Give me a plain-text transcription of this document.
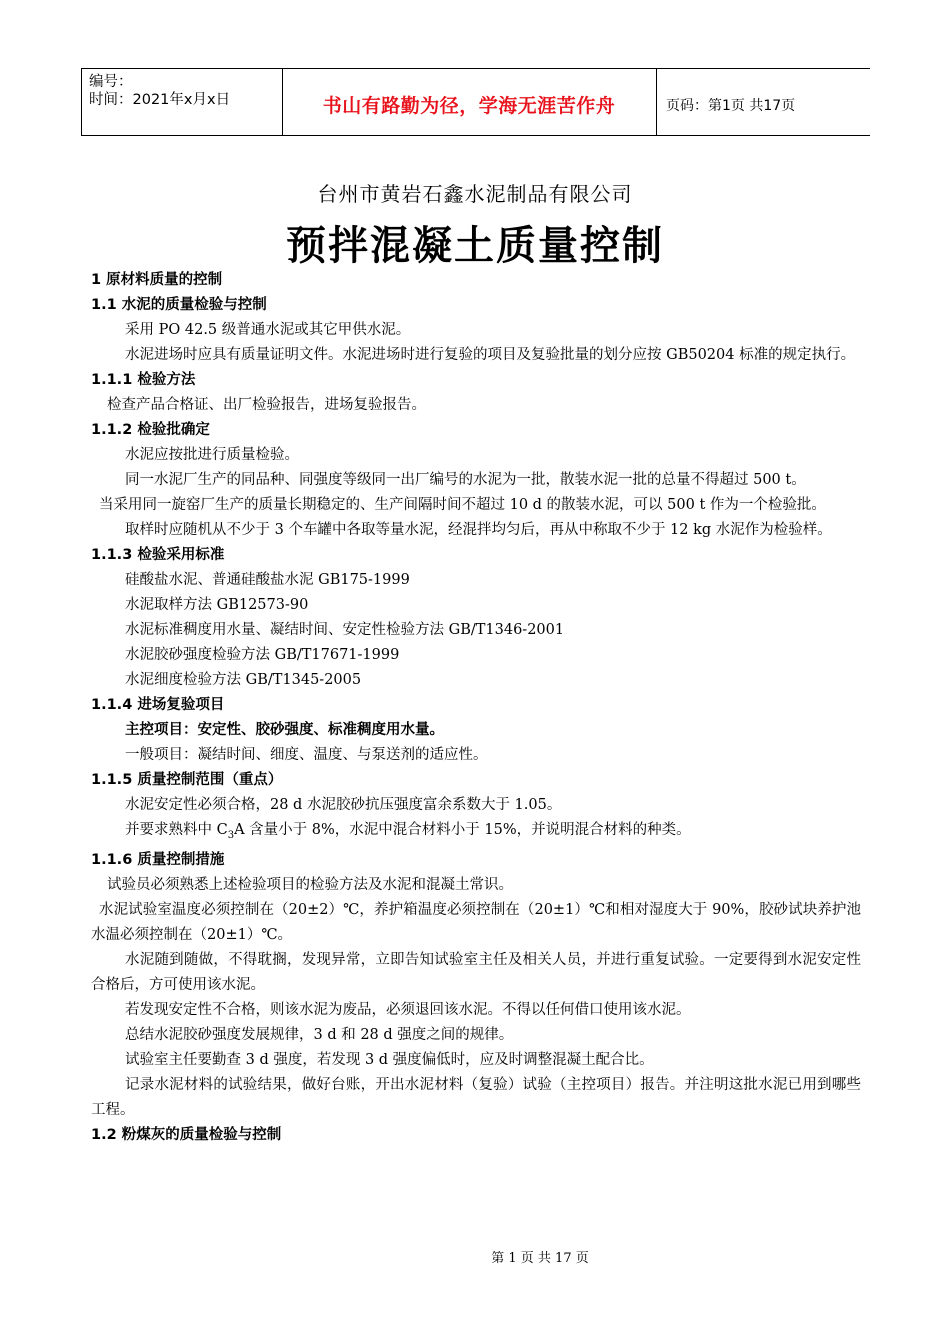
编号：
时间：2021年x月x日	书山有路勤为径，学海无涯苦作舟	页码：第1页 共17页
台州市黄岩石鑫水泥制品有限公司
预拌混凝土质量控制

1 原材料质量的控制

1.1 水泥的质量检验与控制

采用 PO 42.5 级普通水泥或其它甲供水泥。

水泥进场时应具有质量证明文件。水泥进场时进行复验的项目及复验批量的划分应按 GB50204 标准的规定执行。

1.1.1 检验方法

检查产品合格证、出厂检验报告，进场复验报告。

1.1.2 检验批确定

水泥应按批进行质量检验。

同一水泥厂生产的同品种、同强度等级同一出厂编号的水泥为一批，散装水泥一批的总量不得超过 500 t。

当采用同一旋窑厂生产的质量长期稳定的、生产间隔时间不超过 10 d 的散装水泥，可以 500 t 作为一个检验批。

取样时应随机从不少于 3 个车罐中各取等量水泥，经混拌均匀后，再从中称取不少于 12 kg 水泥作为检验样。

1.1.3 检验采用标准

硅酸盐水泥、普通硅酸盐水泥 GB175-1999

水泥取样方法 GB12573-90

水泥标准稠度用水量、凝结时间、安定性检验方法 GB/T1346-2001

水泥胶砂强度检验方法 GB/T17671-1999

水泥细度检验方法 GB/T1345-2005

1.1.4 进场复验项目

主控项目：安定性、胶砂强度、标准稠度用水量。

一般项目：凝结时间、细度、温度、与泵送剂的适应性。

1.1.5 质量控制范围（重点）

水泥安定性必须合格，28 d 水泥胶砂抗压强度富余系数大于 1.05。

并要求熟料中 $C_3A$ 含量小于 8%，水泥中混合材料小于 15%，并说明混合材料的种类。

1.1.6 质量控制措施

试验员必须熟悉上述检验项目的检验方法及水泥和混凝土常识。

水泥试验室温度必须控制在（20±2）℃，养护箱温度必须控制在（20±1）℃和相对湿度大于 90%，胶砂试块养护池水温必须控制在（20±1）℃。

水泥随到随做，不得耽搁，发现异常，立即告知试验室主任及相关人员，并进行重复试验。一定要得到水泥安定性合格后，方可使用该水泥。

若发现安定性不合格，则该水泥为废品，必须退回该水泥。不得以任何借口使用该水泥。

总结水泥胶砂强度发展规律，3 d 和 28 d 强度之间的规律。

试验室主任要勤查 3 d 强度，若发现 3 d 强度偏低时，应及时调整混凝土配合比。

记录水泥材料的试验结果，做好台账，开出水泥材料（复验）试验（主控项目）报告。并注明这批水泥已用到哪些工程。

1.2 粉煤灰的质量检验与控制

第 1 页 共 17 页
